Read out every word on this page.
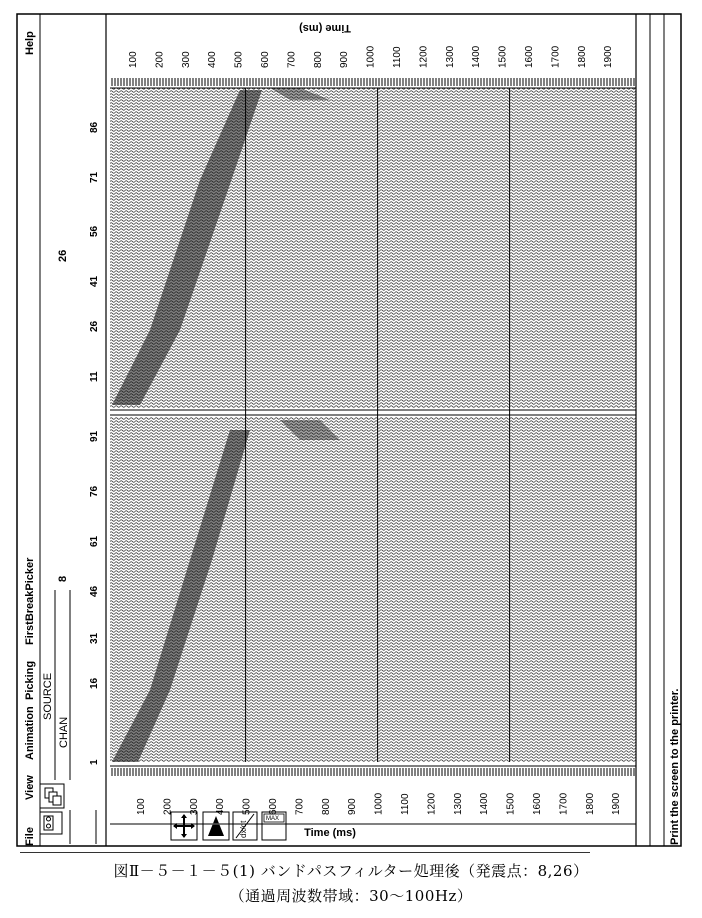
File
View
Animation
Picking
FirstBreakPicker
Help
dx/dt
MAX
SOURCE
CHAN
8
26
1
16
31
46
61
76
91
11
26
41
56
71
86
100 200 300 400 500 600 700 800 900 1000 1100 1200 1300 1400 1500 1600 1700 1800 1900
Time (ms)
100 200 300 400 500 600 700 800 900 1000 1100 1200 1300 1400 1500 1600 1700 1800 1900
Time (ms)	Print the screen to the printer.
図Ⅱ－５－１－５(1) バンドパスフィルター処理後（発震点：8,26）
（通過周波数帯域：30～100Hz）
